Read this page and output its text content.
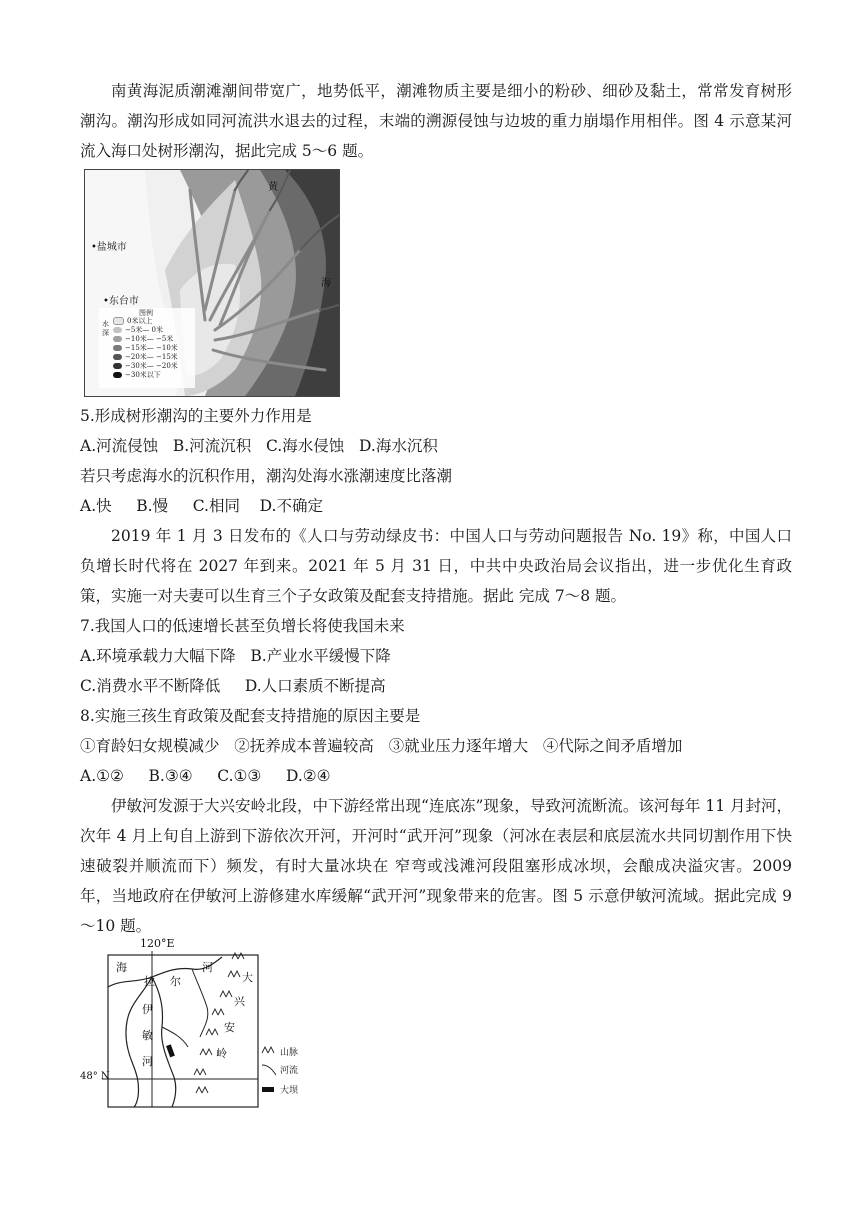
南黄海泥质潮滩潮间带宽广，地势低平，潮滩物质主要是细小的粉砂、细砂及黏土，常常发育树形潮沟。潮沟形成如同河流洪水退去的过程，末端的溯源侵蚀与边坡的重力崩塌作用相伴。图 4 示意某河流入海口处树形潮沟，据此完成 5～6 题。

黄
海
•盐城市
•东台市
图例
水深
0米以上
−5米— 0米
−10米— −5米
−15米— −10米
−20米— −15米
−30米— −20米
−30米以下

5.形成树形潮沟的主要外力作用是

A.河流侵蚀   B.河流沉积   C.海水侵蚀   D.海水沉积

若只考虑海水的沉积作用，潮沟处海水涨潮速度比落潮

A.快     B.慢     C.相同    D.不确定

2019 年 1 月 3 日发布的《人口与劳动绿皮书：中国人口与劳动问题报告 No. 19》称，中国人口负增长时代将在 2027 年到来。2021 年 5 月 31 日，中共中央政治局会议指出，进一步优化生育政策，实施一对夫妻可以生育三个子女政策及配套支持措施。据此 完成 7～8 题。

7.我国人口的低速增长甚至负增长将使我国未来

A.环境承载力大幅下降   B.产业水平缓慢下降

C.消费水平不断降低     D.人口素质不断提高

8.实施三孩生育政策及配套支持措施的原因主要是

①育龄妇女规模减少   ②抚养成本普遍较高   ③就业压力逐年增大   ④代际之间矛盾增加

A.①②     B.③④     C.①③     D.②④

伊敏河发源于大兴安岭北段，中下游经常出现“连底冻”现象，导致河流断流。该河每年 11 月封河，次年 4 月上旬自上游到下游依次开河，开河时“武开河”现象（河冰在表层和底层流水共同切割作用下快速破裂并顺流而下）频发，有时大量冰块在 窄弯或浅滩河段阻塞形成冰坝，会酿成决溢灾害。2009 年，当地政府在伊敏河上游修建水库缓解“武开河”现象带来的危害。图 5 示意伊敏河流域。据此完成 9～10 题。

120°E
48° N
海
拉 尔
河
伊
敏
河
大
兴
安
岭	山脉
河流
大坝
